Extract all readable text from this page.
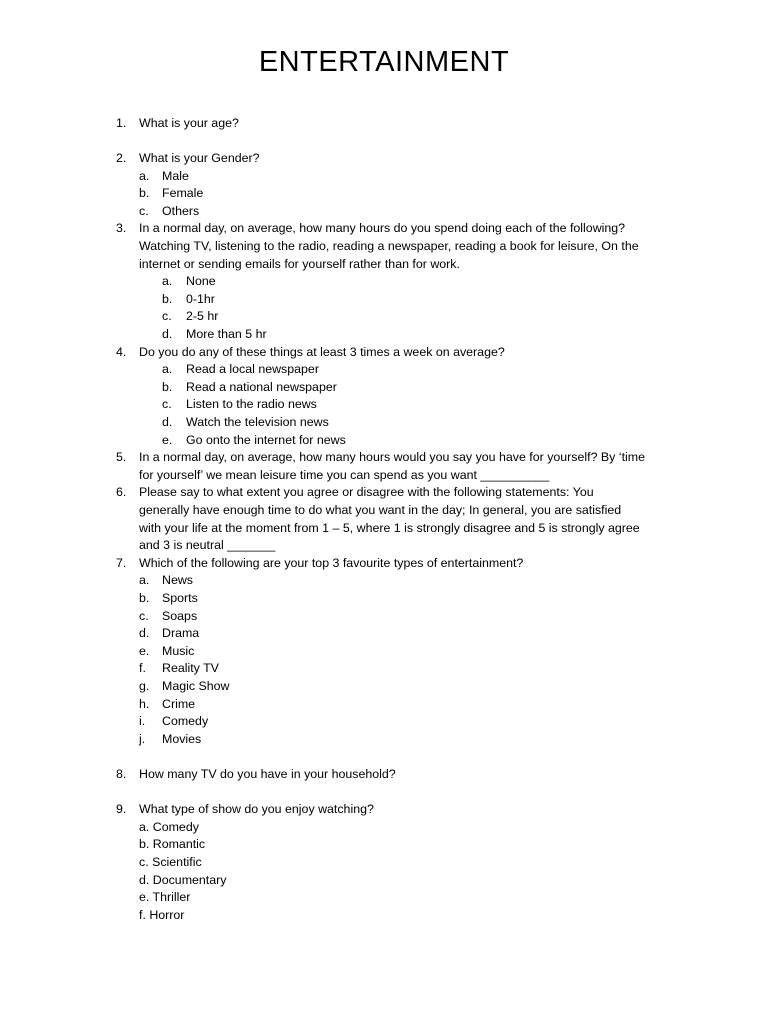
ENTERTAINMENT
1.	What is your age?
2.	What is your Gender?
a. Male
b. Female
c. Others
3.	In a normal day, on average, how many hours do you spend doing each of the following?
Watching TV, listening to the radio, reading a newspaper, reading a book for leisure, On the
internet or sending emails for yourself rather than for work.
a. None
b. 0-1hr
c. 2-5 hr
d. More than 5 hr
4.	Do you do any of these things at least 3 times a week on average?
a. Read a local newspaper
b. Read a national newspaper
c. Listen to the radio news
d. Watch the television news
e. Go onto the internet for news
5.	In a normal day, on average, how many hours would you say you have for yourself? By ‘time
for yourself’ we mean leisure time you can spend as you want __________
6.	Please say to what extent you agree or disagree with the following statements: You
generally have enough time to do what you want in the day; In general, you are satisfied
with your life at the moment from 1 – 5, where 1 is strongly disagree and 5 is strongly agree
and 3 is neutral _______
7.	Which of the following are your top 3 favourite types of entertainment?
a. News
b. Sports
c. Soaps
d. Drama
e. Music
f. Reality TV
g. Magic Show
h. Crime
i. Comedy
j. Movies
8.	How many TV do you have in your household?
9.	What type of show do you enjoy watching?
a. Comedy
b. Romantic
c. Scientific
d. Documentary
e. Thriller
f. Horror
